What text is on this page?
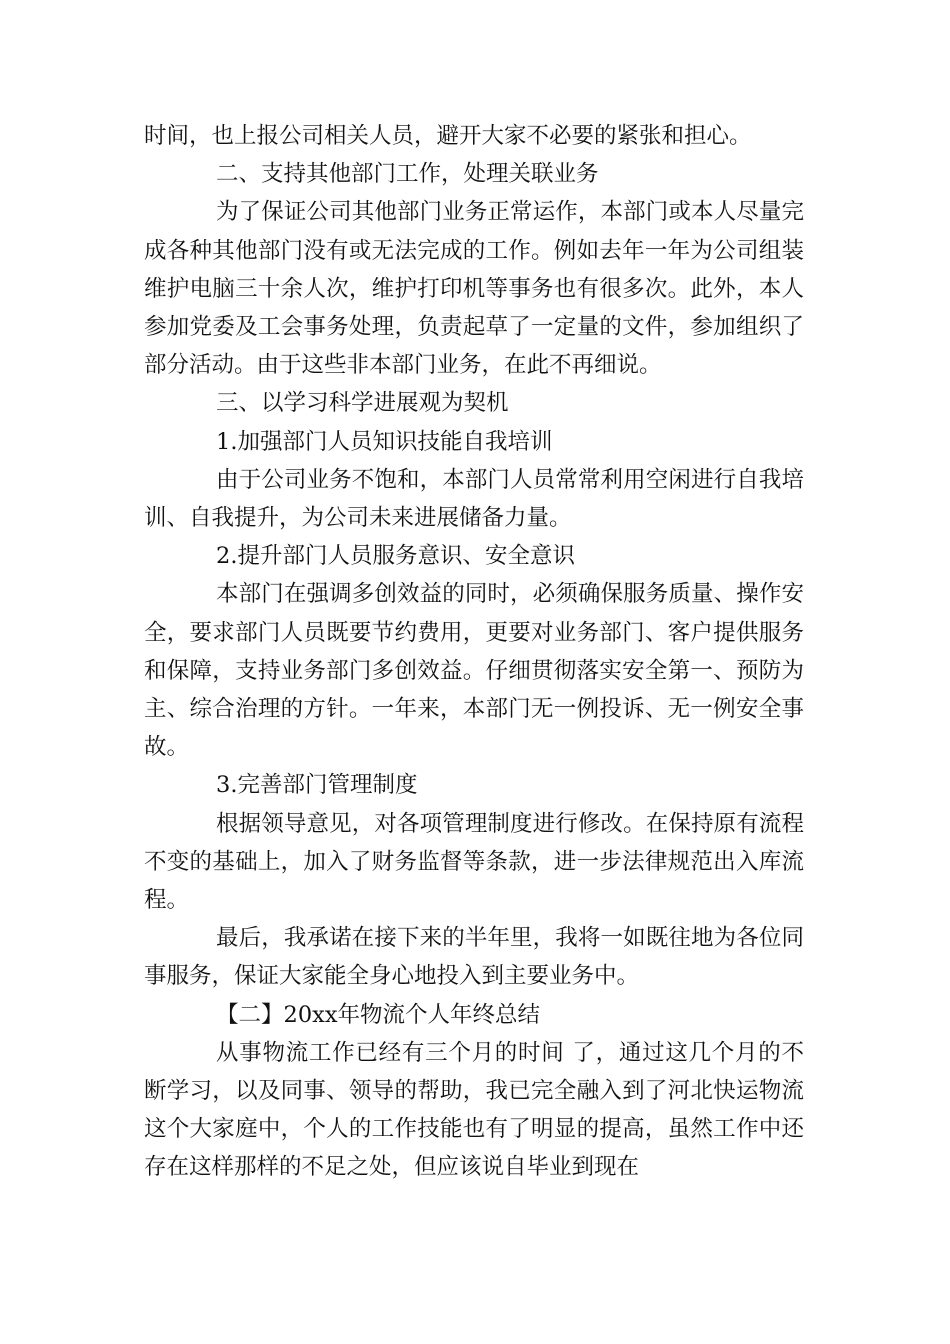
时间，也上报公司相关人员，避开大家不必要的紧张和担心。

二、支持其他部门工作，处理关联业务

为了保证公司其他部门业务正常运作，本部门或本人尽量完成各种其他部门没有或无法完成的工作。例如去年一年为公司组装维护电脑三十余人次，维护打印机等事务也有很多次。此外，本人参加党委及工会事务处理，负责起草了一定量的文件，参加组织了部分活动。由于这些非本部门业务，在此不再细说。

三、以学习科学进展观为契机

1.加强部门人员知识技能自我培训

由于公司业务不饱和，本部门人员常常利用空闲进行自我培训、自我提升，为公司未来进展储备力量。

2.提升部门人员服务意识、安全意识

本部门在强调多创效益的同时，必须确保服务质量、操作安全，要求部门人员既要节约费用，更要对业务部门、客户提供服务和保障，支持业务部门多创效益。仔细贯彻落实安全第一、预防为主、综合治理的方针。一年来，本部门无一例投诉、无一例安全事故。

3.完善部门管理制度

根据领导意见，对各项管理制度进行修改。在保持原有流程不变的基础上，加入了财务监督等条款，进一步法律规范出入库流程。

最后，我承诺在接下来的半年里，我将一如既往地为各位同事服务，保证大家能全身心地投入到主要业务中。

【二】20xx年物流个人年终总结

从事物流工作已经有三个月的时间 了，通过这几个月的不断学习，以及同事、领导的帮助，我已完全融入到了河北快运物流这个大家庭中，个人的工作技能也有了明显的提高，虽然工作中还存在这样那样的不足之处，但应该说自毕业到现在
